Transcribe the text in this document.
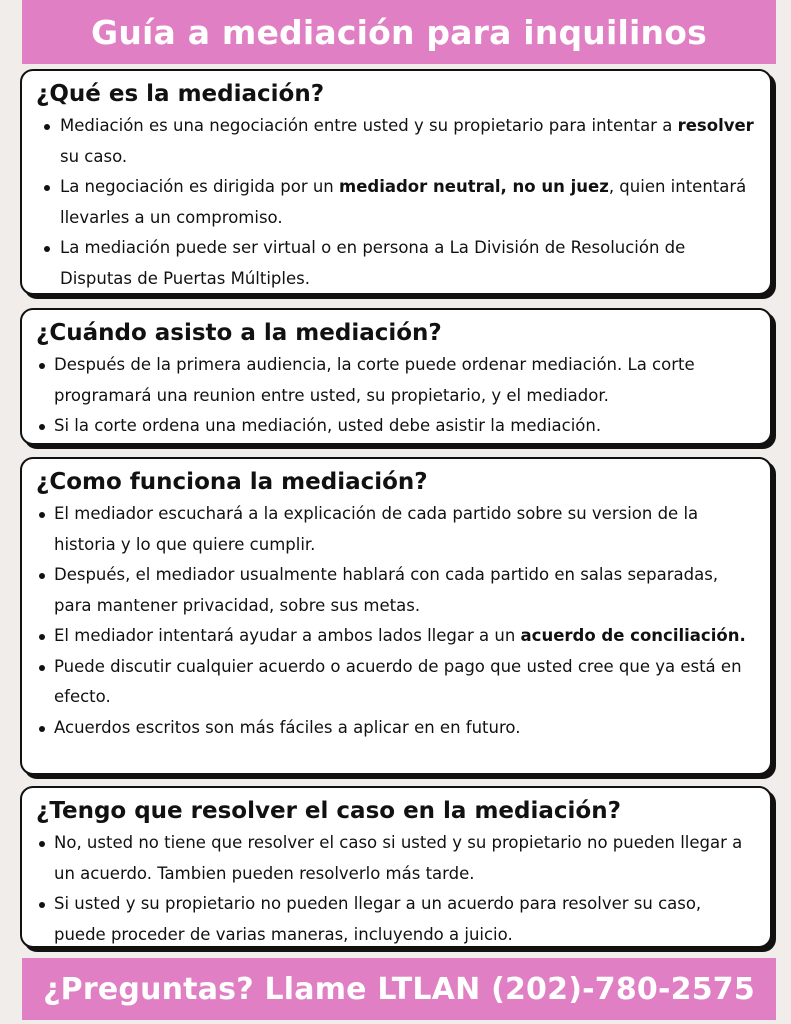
Guía a mediación para inquilinos
¿Qué es la mediación?
Mediación es una negociación entre usted y su propietario para intentar a resolver su caso.
La negociación es dirigida por un mediador neutral, no un juez, quien intentará llevarles a un compromiso.
La mediación puede ser virtual o en persona a La División de Resolución de Disputas de Puertas Múltiples.
¿Cuándo asisto a la mediación?
Después de la primera audiencia, la corte puede ordenar mediación. La corte programará una reunion entre usted, su propietario, y el mediador.
Si la corte ordena una mediación, usted debe asistir la mediación.
¿Como funciona la mediación?
El mediador escuchará a la explicación de cada partido sobre su version de la historia y lo que quiere cumplir.
Después, el mediador usualmente hablará con cada partido en salas separadas, para mantener privacidad, sobre sus metas.
El mediador intentará ayudar a ambos lados llegar a un acuerdo de conciliación.
Puede discutir cualquier acuerdo o acuerdo de pago que usted cree que ya está en efecto.
Acuerdos escritos son más fáciles a aplicar en en futuro.
¿Tengo que resolver el caso en la mediación?
No, usted no tiene que resolver el caso si usted y su propietario no pueden llegar a un acuerdo. Tambien pueden resolverlo más tarde.
Si usted y su propietario no pueden llegar a un acuerdo para resolver su caso, puede proceder de varias maneras, incluyendo a juicio.
¿Preguntas? Llame LTLAN (202)-780-2575
